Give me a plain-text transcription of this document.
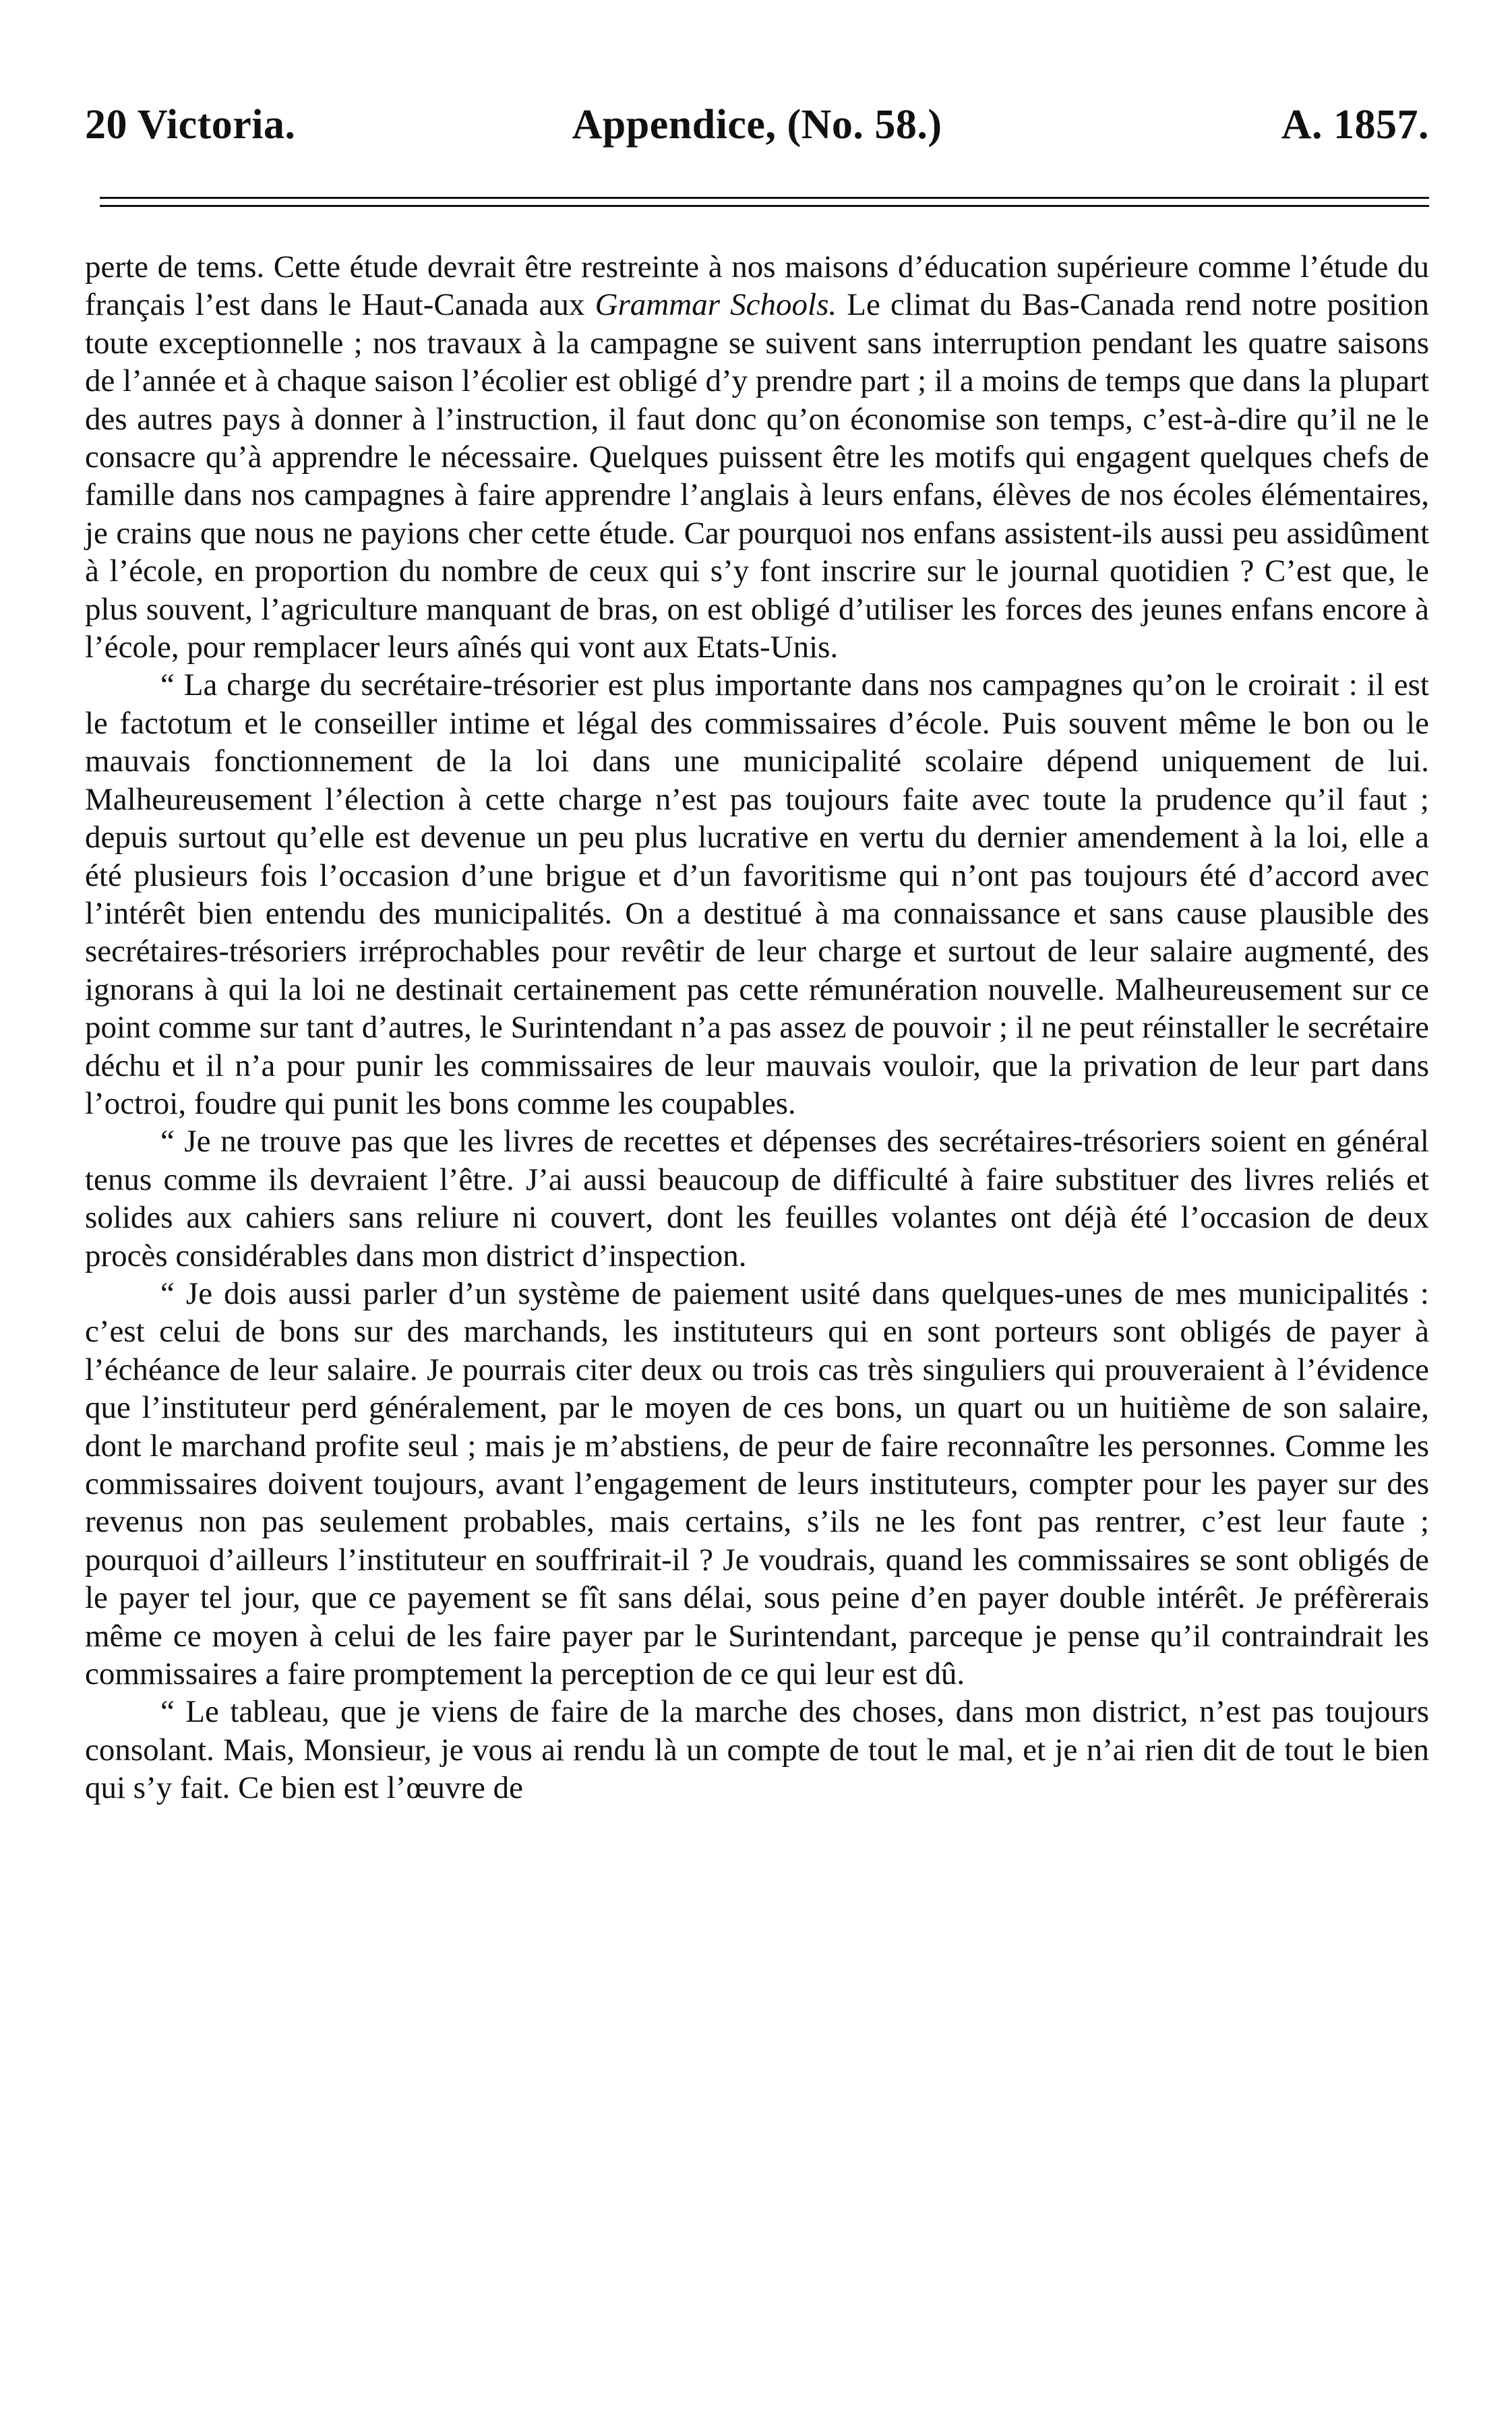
20 Victoria.	Appendice, (No. 58.)	A. 1857.

perte de tems. Cette étude devrait être restreinte à nos maisons d’éducation supérieure comme l’étude du français l’est dans le Haut-Canada aux Grammar Schools. Le climat du Bas-Canada rend notre position toute exceptionnelle ; nos travaux à la campagne se suivent sans interruption pendant les quatre saisons de l’année et à chaque saison l’écolier est obligé d’y prendre part ; il a moins de temps que dans la plupart des autres pays à donner à l’instruction, il faut donc qu’on économise son temps, c’est-à-dire qu’il ne le consacre qu’à apprendre le nécessaire. Quelques puissent être les motifs qui engagent quelques chefs de famille dans nos campagnes à faire apprendre l’anglais à leurs enfans, élèves de nos écoles élémentaires, je crains que nous ne payions cher cette étude. Car pourquoi nos enfans assistent-ils aussi peu assidûment à l’école, en proportion du nombre de ceux qui s’y font inscrire sur le journal quotidien ? C’est que, le plus souvent, l’agriculture manquant de bras, on est obligé d’utiliser les forces des jeunes enfans encore à l’école, pour remplacer leurs aînés qui vont aux Etats-Unis.

“ La charge du secrétaire-trésorier est plus importante dans nos campagnes qu’on le croirait : il est le factotum et le conseiller intime et légal des commissaires d’école. Puis souvent même le bon ou le mauvais fonctionnement de la loi dans une municipalité scolaire dépend uniquement de lui. Malheureusement l’élection à cette charge n’est pas toujours faite avec toute la prudence qu’il faut ; depuis surtout qu’elle est devenue un peu plus lucrative en vertu du dernier amendement à la loi, elle a été plusieurs fois l’occasion d’une brigue et d’un favoritisme qui n’ont pas toujours été d’accord avec l’intérêt bien entendu des municipalités. On a destitué à ma connaissance et sans cause plausible des secrétaires-trésoriers irréprochables pour revêtir de leur charge et surtout de leur salaire augmenté, des ignorans à qui la loi ne destinait certainement pas cette rémunération nouvelle. Malheureusement sur ce point comme sur tant d’autres, le Surintendant n’a pas assez de pouvoir ; il ne peut réinstaller le secrétaire déchu et il n’a pour punir les commissaires de leur mauvais vouloir, que la privation de leur part dans l’octroi, foudre qui punit les bons comme les coupables.

“ Je ne trouve pas que les livres de recettes et dépenses des secrétaires-trésoriers soient en général tenus comme ils devraient l’être. J’ai aussi beaucoup de difficulté à faire substituer des livres reliés et solides aux cahiers sans reliure ni couvert, dont les feuilles volantes ont déjà été l’occasion de deux procès considérables dans mon district d’inspection.

“ Je dois aussi parler d’un système de paiement usité dans quelques-unes de mes municipalités : c’est celui de bons sur des marchands, les instituteurs qui en sont porteurs sont obligés de payer à l’échéance de leur salaire. Je pourrais citer deux ou trois cas très singuliers qui prouveraient à l’évidence que l’instituteur perd généralement, par le moyen de ces bons, un quart ou un huitième de son salaire, dont le marchand profite seul ; mais je m’abstiens, de peur de faire reconnaître les personnes. Comme les commissaires doivent toujours, avant l’engagement de leurs instituteurs, compter pour les payer sur des revenus non pas seulement probables, mais certains, s’ils ne les font pas rentrer, c’est leur faute ; pourquoi d’ailleurs l’instituteur en souffrirait-il ? Je voudrais, quand les commissaires se sont obligés de le payer tel jour, que ce payement se fît sans délai, sous peine d’en payer double intérêt. Je préfèrerais même ce moyen à celui de les faire payer par le Surintendant, parceque je pense qu’il contraindrait les commissaires a faire promptement la perception de ce qui leur est dû.

“ Le tableau, que je viens de faire de la marche des choses, dans mon district, n’est pas toujours consolant. Mais, Monsieur, je vous ai rendu là un compte de tout le mal, et je n’ai rien dit de tout le bien qui s’y fait. Ce bien est l’œuvre de
